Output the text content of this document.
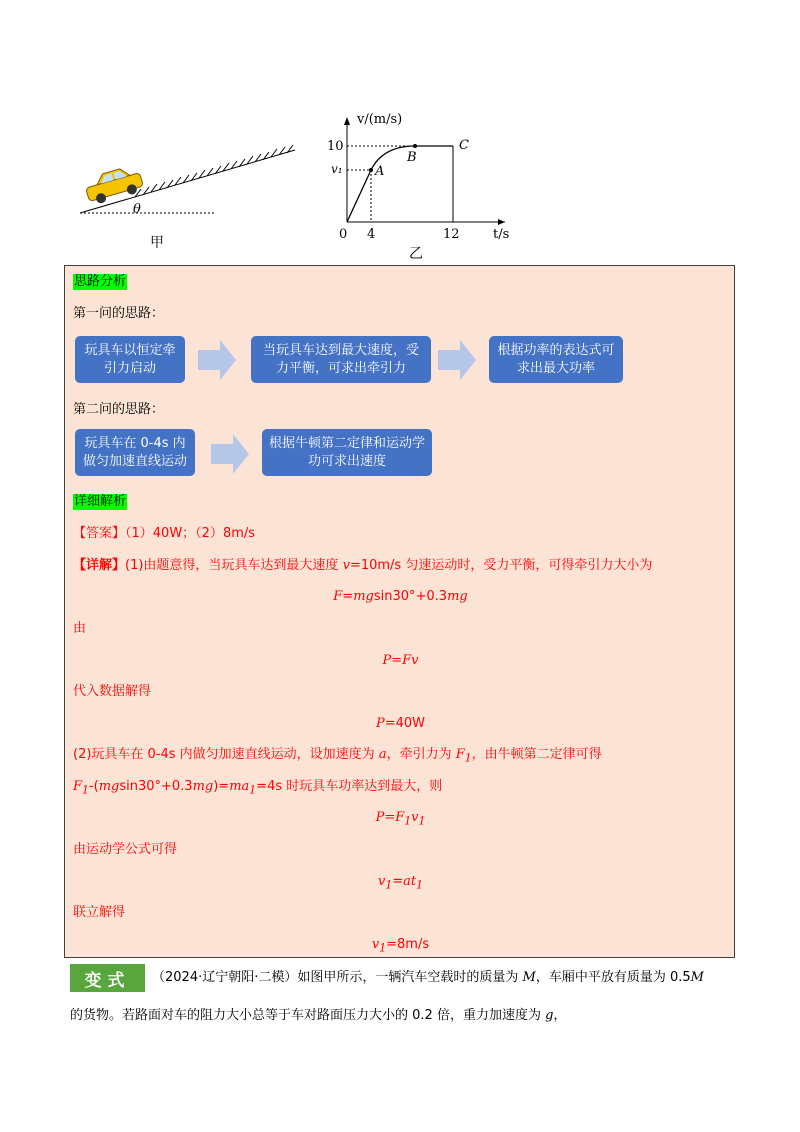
θ
甲
v/(m/s)
t/s
0 4	12
10
v₁ A
B
C
乙
思路分析
第一问的思路：
玩具车以恒定牵引力启动
当玩具车达到最大速度，受力平衡，可求出牵引力
根据功率的表达式可求出最大功率
第二问的思路：
玩具车在 0-4s 内做匀加速直线运动
根据牛顿第二定律和运动学功可求出速度
详细解析
【答案】（1）40W；（2）8m/s
【详解】(1)由题意得，当玩具车达到最大速度 v=10m/s 匀速运动时，受力平衡，可得牵引力大小为
F=mgsin30°+0.3mg
由
P=Fv
代入数据解得
P=40W
(2)玩具车在 0-4s 内做匀加速直线运动，设加速度为 a，牵引力为 $F_1$，由牛顿第二定律可得
$F_1-(mgsin30^\circ+0.3mg)=ma_1=4s$ 时玩具车功率达到最大，则
$P=F_1v_1$
由运动学公式可得
$v_1=at_1$
联立解得
$v_1=8m/s$
变式	（2024·辽宁朝阳·二模）如图甲所示，一辆汽车空载时的质量为 M，车厢中平放有质量为 0.5M
的货物。若路面对车的阻力大小总等于车对路面压力大小的 0.2 倍，重力加速度为 g，
